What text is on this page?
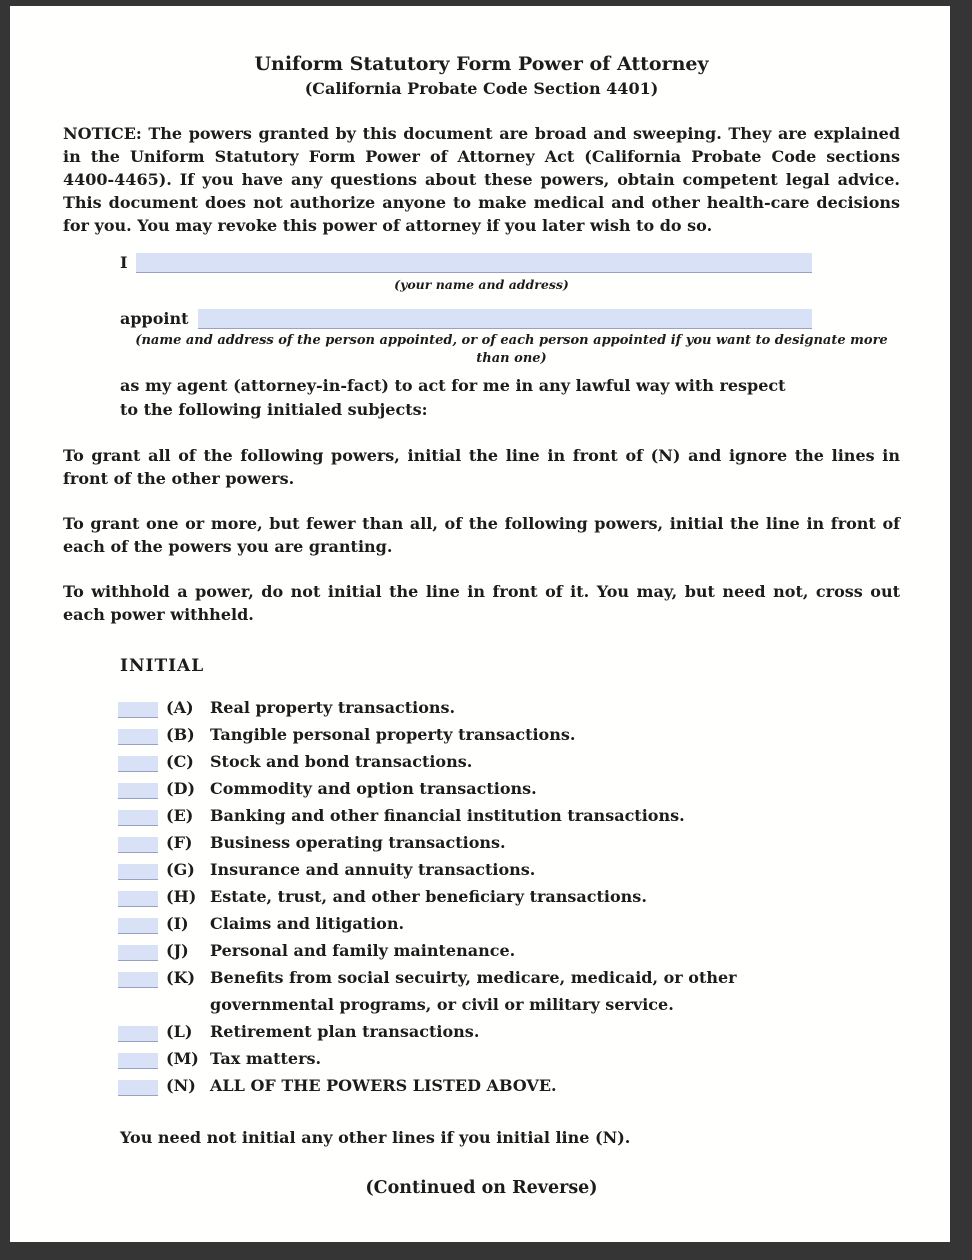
Uniform Statutory Form Power of Attorney
(California Probate Code Section 4401)

NOTICE: The powers granted by this document are broad and sweeping. They are explained in the Uniform Statutory Form Power of Attorney Act (California Probate Code sections 4400-4465). If you have any questions about these powers, obtain competent legal advice. This document does not authorize anyone to make medical and other health-care decisions for you. You may revoke this power of attorney if you later wish to do so.

I
(your name and address)
appoint
(name and address of the person appointed, or of each person appointed if you want to designate more than one)

as my agent (attorney-in-fact) to act for me in any lawful way with respect to the following initialed subjects:

To grant all of the following powers, initial the line in front of (N) and ignore the lines in front of the other powers.

To grant one or more, but fewer than all, of the following powers, initial the line in front of each of the powers you are granting.

To withhold a power, do not initial the line in front of it. You may, but need not, cross out each power withheld.

INITIAL
(A)	Real property transactions.
(B) Tangible personal property transactions.
(C)	Stock and bond transactions.
(D) Commodity and option transactions.
(E)	Banking and other financial institution transactions.
(F)	Business operating transactions.
(G) Insurance and annuity transactions.
(H) Estate, trust, and other beneficiary transactions.
(I)	Claims and litigation.
(J)	Personal and family maintenance.
(K) Benefits from social secuirty, medicare, medicaid, or other governmental programs, or civil or military service.
(L)	Retirement plan transactions.
(M) Tax matters.
(N) ALL OF THE POWERS LISTED ABOVE.
You need not initial any other lines if you initial line (N).
(Continued on Reverse)
